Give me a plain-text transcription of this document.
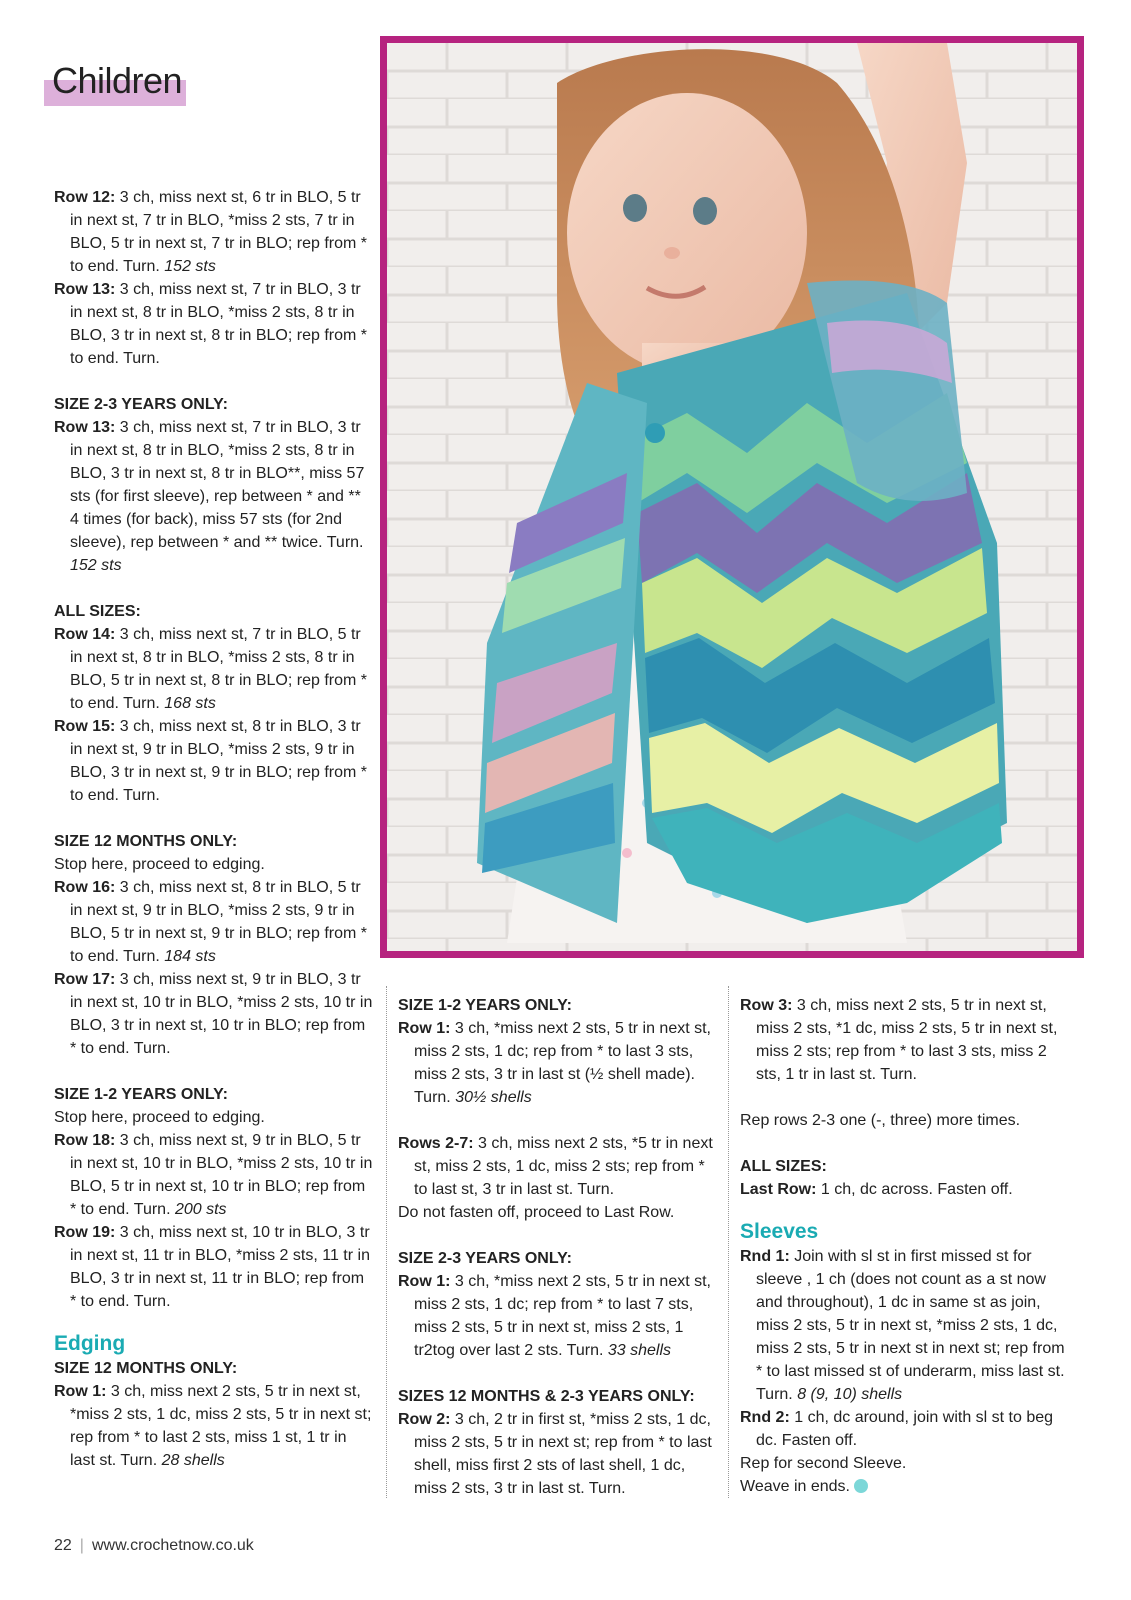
Children

Row 12: 3 ch, miss next st, 6 tr in BLO, 5 tr in next st, 7 tr in BLO, *miss 2 sts, 7 tr in BLO, 5 tr in next st, 7 tr in BLO; rep from * to end. Turn. 152 sts

Row 13: 3 ch, miss next st, 7 tr in BLO, 3 tr in next st, 8 tr in BLO, *miss 2 sts, 8 tr in BLO, 3 tr in next st, 8 tr in BLO; rep from * to end. Turn.

SIZE 2-3 YEARS ONLY:

Row 13: 3 ch, miss next st, 7 tr in BLO, 3 tr in next st, 8 tr in BLO, *miss 2 sts, 8 tr in BLO, 3 tr in next st, 8 tr in BLO**, miss 57 sts (for first sleeve), rep between * and ** 4 times (for back), miss 57 sts (for 2nd sleeve), rep between * and ** twice. Turn. 152 sts

ALL SIZES:

Row 14: 3 ch, miss next st, 7 tr in BLO, 5 tr in next st, 8 tr in BLO, *miss 2 sts, 8 tr in BLO, 5 tr in next st, 8 tr in BLO; rep from * to end. Turn. 168 sts

Row 15: 3 ch, miss next st, 8 tr in BLO, 3 tr in next st, 9 tr in BLO, *miss 2 sts, 9 tr in BLO, 3 tr in next st, 9 tr in BLO; rep from * to end. Turn.

SIZE 12 MONTHS ONLY:

Stop here, proceed to edging.

Row 16: 3 ch, miss next st, 8 tr in BLO, 5 tr in next st, 9 tr in BLO, *miss 2 sts, 9 tr in BLO, 5 tr in next st, 9 tr in BLO; rep from * to end. Turn. 184 sts

Row 17: 3 ch, miss next st, 9 tr in BLO, 3 tr in next st, 10 tr in BLO, *miss 2 sts, 10 tr in BLO, 3 tr in next st, 10 tr in BLO; rep from * to end. Turn.

SIZE 1-2 YEARS ONLY:

Stop here, proceed to edging.

Row 18: 3 ch, miss next st, 9 tr in BLO, 5 tr in next st, 10 tr in BLO, *miss 2 sts, 10 tr in BLO, 5 tr in next st, 10 tr in BLO; rep from * to end. Turn. 200 sts

Row 19: 3 ch, miss next st, 10 tr in BLO, 3 tr in next st, 11 tr in BLO, *miss 2 sts, 11 tr in BLO, 3 tr in next st, 11 tr in BLO; rep from * to end. Turn.

Edging

SIZE 12 MONTHS ONLY:

Row 1: 3 ch, miss next 2 sts, 5 tr in next st, *miss 2 sts, 1 dc, miss 2 sts, 5 tr in next st; rep from * to last 2 sts, miss 1 st, 1 tr in last st. Turn. 28 shells

SIZE 1-2 YEARS ONLY:

Row 1: 3 ch, *miss next 2 sts, 5 tr in next st, miss 2 sts, 1 dc; rep from * to last 3 sts, miss 2 sts, 3 tr in last st (½ shell made). Turn. 30½ shells

Rows 2-7: 3 ch, miss next 2 sts, *5 tr in next st, miss 2 sts, 1 dc, miss 2 sts; rep from * to last st, 3 tr in last st. Turn.

Do not fasten off, proceed to Last Row.

SIZE 2-3 YEARS ONLY:

Row 1: 3 ch, *miss next 2 sts, 5 tr in next st, miss 2 sts, 1 dc; rep from * to last 7 sts, miss 2 sts, 5 tr in next st, miss 2 sts, 1 tr2tog over last 2 sts. Turn. 33 shells

SIZES 12 MONTHS & 2-3 YEARS ONLY:

Row 2: 3 ch, 2 tr in first st, *miss 2 sts, 1 dc, miss 2 sts, 5 tr in next st; rep from * to last shell, miss first 2 sts of last shell, 1 dc, miss 2 sts, 3 tr in last st. Turn.

Row 3: 3 ch, miss next 2 sts, 5 tr in next st, miss 2 sts, *1 dc, miss 2 sts, 5 tr in next st, miss 2 sts; rep from * to last 3 sts, miss 2 sts, 1 tr in last st. Turn.

Rep rows 2-3 one (-, three) more times.

ALL SIZES:

Last Row: 1 ch, dc across. Fasten off.

Sleeves

Rnd 1: Join with sl st in first missed st for sleeve , 1 ch (does not count as a st now and throughout), 1 dc in same st as join, miss 2 sts, 5 tr in next st, *miss 2 sts, 1 dc, miss 2 sts, 5 tr in next st in next st; rep from * to last missed st of underarm, miss last st. Turn. 8 (9, 10) shells

Rnd 2: 1 ch, dc around, join with sl st to beg dc. Fasten off.

Rep for second Sleeve.

Weave in ends.

22 | www.crochetnow.co.uk
